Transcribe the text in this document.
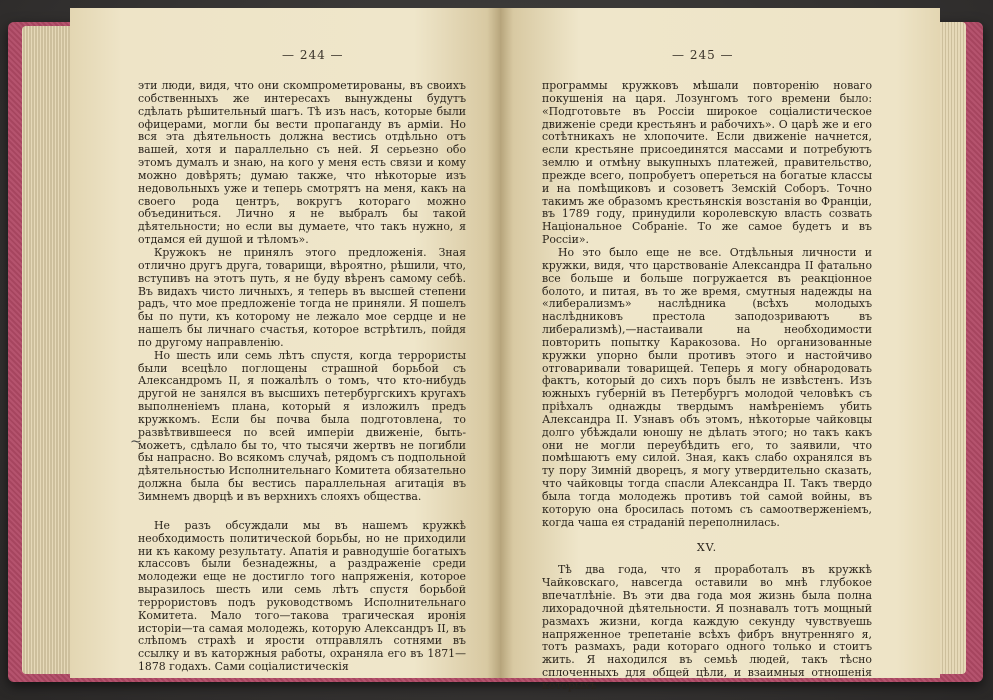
— 244 —

эти люди, видя, что они скомпрометированы, въ своихъ собственныхъ же интересахъ вынуждены будутъ сдѣлать рѣшительный шагъ. Тѣ изъ насъ, которые были офицерами, могли бы вести пропаганду въ арміи. Но вся эта дѣятельность должна вестись отдѣльно отъ вашей, хотя и параллельно съ ней. Я серьезно обо этомъ думалъ и знаю, на кого у меня есть связи и кому можно довѣрять; думаю также, что нѣкоторые изъ недовольныхъ уже и теперь смотрятъ на меня, какъ на своего рода центръ, вокругъ котораго можно объединиться. Лично я не выбралъ бы такой дѣятельности; но если вы думаете, что такъ нужно, я отдамся ей душой и тѣломъ».

Кружокъ не принялъ этого предложенія. Зная отлично другъ друга, товарищи, вѣроятно, рѣшили, что, вступивъ на этотъ путь, я не буду вѣренъ самому себѣ. Въ видахъ чисто личныхъ, я теперь въ высшей степени радъ, что мое предложеніе тогда не приняли. Я пошелъ бы по пути, къ которому не лежало мое сердце и не нашелъ бы личнаго счастья, которое встрѣтилъ, пойдя по другому направленію.

Но шесть или семь лѣтъ спустя, когда террористы были всецѣло поглощены страшной борьбой съ Александромъ II, я пожалѣлъ о томъ, что кто-нибудь другой не занялся въ высшихъ петербургскихъ кругахъ выполненіемъ плана, который я изложилъ предъ кружкомъ. Если бы почва была подготовлена, то развѣтвившееся по всей имперіи движеніе, быть-можетъ, сдѣлало бы то, что тысячи жертвъ не погибли бы напрасно. Во всякомъ случаѣ, рядомъ съ подпольной дѣятельностью Исполнительнаго Комитета обязательно должна была бы вестись параллельная агитація въ Зимнемъ дворцѣ и въ верхнихъ слояхъ общества.

Не разъ обсуждали мы въ нашемъ кружкѣ необходимость политической борьбы, но не приходили ни къ какому результату. Апатія и равнодушіе богатыхъ классовъ были безнадежны, а раздраженіе среди молодежи еще не достигло того напряженія, которое выразилось шесть или семь лѣтъ спустя борьбой террористовъ подъ руководствомъ Исполнительнаго Комитета. Мало того—такова трагическая иронія исторіи—та самая молодежь, которую Александръ II, въ слѣпомъ страхѣ и ярости отправлялъ сотнями въ ссылку и въ каторжныя работы, охраняла его въ 1871—1878 годахъ. Сами соціалистическія

~
— 245 —

программы кружковъ мѣшали повторенію новаго покушенія на царя. Лозунгомъ того времени было: «Подготовьте въ Россіи широкое соціалистическое движеніе среди крестьянъ и рабочихъ». О царѣ же и его сотѣтникахъ не хлопочите. Если движеніе начнется, если крестьяне присоединятся массами и потребуютъ землю и отмѣну выкупныхъ платежей, правительство, прежде всего, попробуетъ опереться на богатые классы и на помѣщиковъ и созоветъ Земскій Соборъ. Точно такимъ же образомъ крестьянскія возстанія во Франціи, въ 1789 году, принудили королевскую власть созвать Національное Собраніе. То же самое будетъ и въ Россіи».

Но это было еще не все. Отдѣльныя личности и кружки, видя, что царствованіе Александра II фатально все больше и больше погружается въ реакціонное болото, и питая, въ то же время, смутныя надежды на «либерализмъ» наслѣдника (всѣхъ молодыхъ наслѣдниковъ престола заподозриваютъ въ либерализмѣ),—настаивали на необходимости повторить попытку Каракозова. Но организованные кружки упорно были противъ этого и настойчиво отговаривали товарищей. Теперь я могу обнародовать фактъ, который до сихъ поръ былъ не извѣстенъ. Изъ южныхъ губерній въ Петербургъ молодой человѣкъ съ пріѣхалъ однажды твердымъ намѣреніемъ убить Александра II. Узнавъ объ этомъ, нѣкоторые чайковцы долго убѣждали юношу не дѣлать этого; но такъ какъ они не могли переубѣдить его, то заявили, что помѣшаютъ ему силой. Зная, какъ слабо охранялся въ ту пору Зимній дворецъ, я могу утвердительно сказать, что чайковцы тогда спасли Александра II. Такъ твердо была тогда молодежь противъ той самой войны, въ которую она бросилась потомъ съ самоотверженіемъ, когда чаша ея страданій переполнилась.

XV.

Тѣ два года, что я проработалъ въ кружкѣ Чайковскаго, навсегда оставили во мнѣ глубокое впечатлѣніе. Въ эти два года моя жизнь была полна лихорадочной дѣятельности. Я познавалъ тотъ мощный размахъ жизни, когда каждую секунду чувствуешь напряженное трепетаніе всѣхъ фибръ внутренняго я, тотъ размахъ, ради котораго одного только и стоитъ жить. Я находился въ семьѣ людей, такъ тѣсно сплоченныхъ для общей цѣли, и взаимныя отношенія которыхъ
